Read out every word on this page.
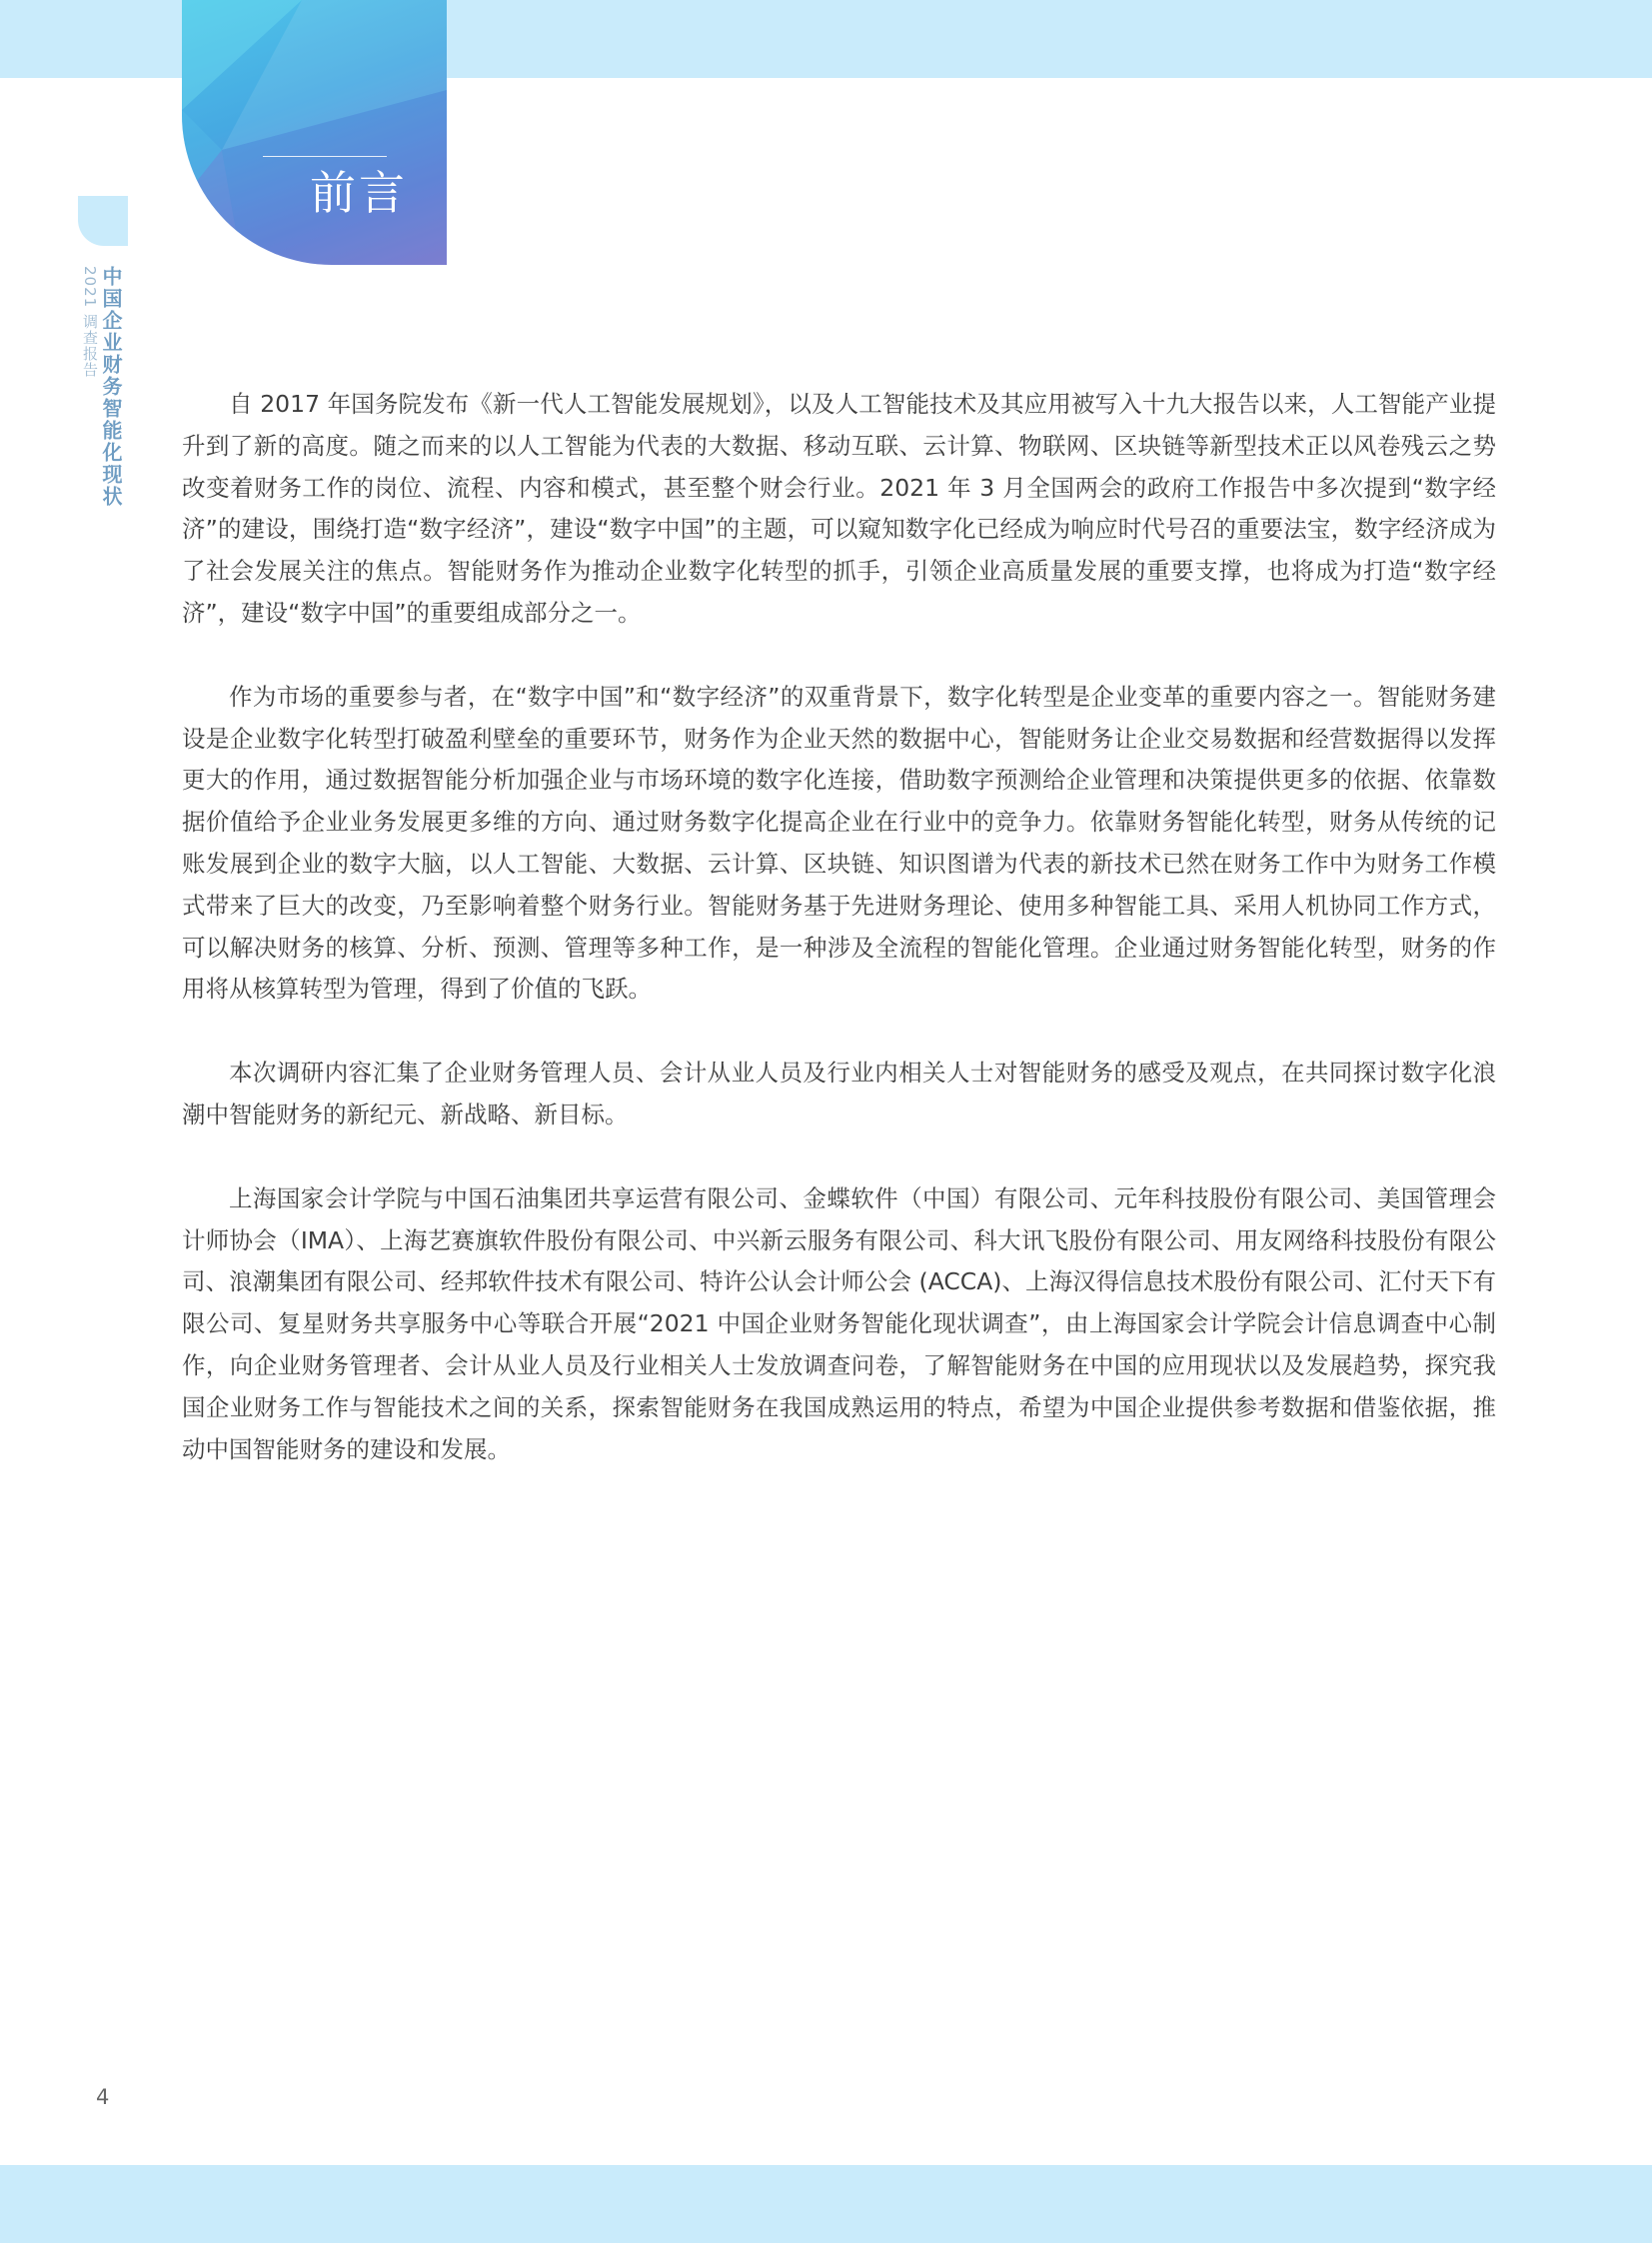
前言
中国企业财务智能化现状
2021 调查报告

自 2017 年国务院发布《新一代人工智能发展规划》，以及人工智能技术及其应用被写入十九大报告以来，人工智能产业提升到了新的高度。随之而来的以人工智能为代表的大数据、移动互联、云计算、物联网、区块链等新型技术正以风卷残云之势改变着财务工作的岗位、流程、内容和模式，甚至整个财会行业。2021 年 3 月全国两会的政府工作报告中多次提到“数字经济”的建设，围绕打造“数字经济”，建设“数字中国”的主题，可以窥知数字化已经成为响应时代号召的重要法宝，数字经济成为了社会发展关注的焦点。智能财务作为推动企业数字化转型的抓手，引领企业高质量发展的重要支撑，也将成为打造“数字经济”，建设“数字中国”的重要组成部分之一。

作为市场的重要参与者，在“数字中国”和“数字经济”的双重背景下，数字化转型是企业变革的重要内容之一。智能财务建设是企业数字化转型打破盈利壁垒的重要环节，财务作为企业天然的数据中心，智能财务让企业交易数据和经营数据得以发挥更大的作用，通过数据智能分析加强企业与市场环境的数字化连接，借助数字预测给企业管理和决策提供更多的依据、依靠数据价值给予企业业务发展更多维的方向、通过财务数字化提高企业在行业中的竞争力。依靠财务智能化转型，财务从传统的记账发展到企业的数字大脑，以人工智能、大数据、云计算、区块链、知识图谱为代表的新技术已然在财务工作中为财务工作模式带来了巨大的改变，乃至影响着整个财务行业。智能财务基于先进财务理论、使用多种智能工具、采用人机协同工作方式，可以解决财务的核算、分析、预测、管理等多种工作，是一种涉及全流程的智能化管理。企业通过财务智能化转型，财务的作用将从核算转型为管理，得到了价值的飞跃。

本次调研内容汇集了企业财务管理人员、会计从业人员及行业内相关人士对智能财务的感受及观点，在共同探讨数字化浪潮中智能财务的新纪元、新战略、新目标。

上海国家会计学院与中国石油集团共享运营有限公司、金蝶软件（中国）有限公司、元年科技股份有限公司、美国管理会计师协会（IMA）、上海艺赛旗软件股份有限公司、中兴新云服务有限公司、科大讯飞股份有限公司、用友网络科技股份有限公司、浪潮集团有限公司、经邦软件技术有限公司、特许公认会计师公会 (ACCA)、上海汉得信息技术股份有限公司、汇付天下有限公司、复星财务共享服务中心等联合开展“2021 中国企业财务智能化现状调查”，由上海国家会计学院会计信息调查中心制作，向企业财务管理者、会计从业人员及行业相关人士发放调查问卷，了解智能财务在中国的应用现状以及发展趋势，探究我国企业财务工作与智能技术之间的关系，探索智能财务在我国成熟运用的特点，希望为中国企业提供参考数据和借鉴依据，推动中国智能财务的建设和发展。

4
